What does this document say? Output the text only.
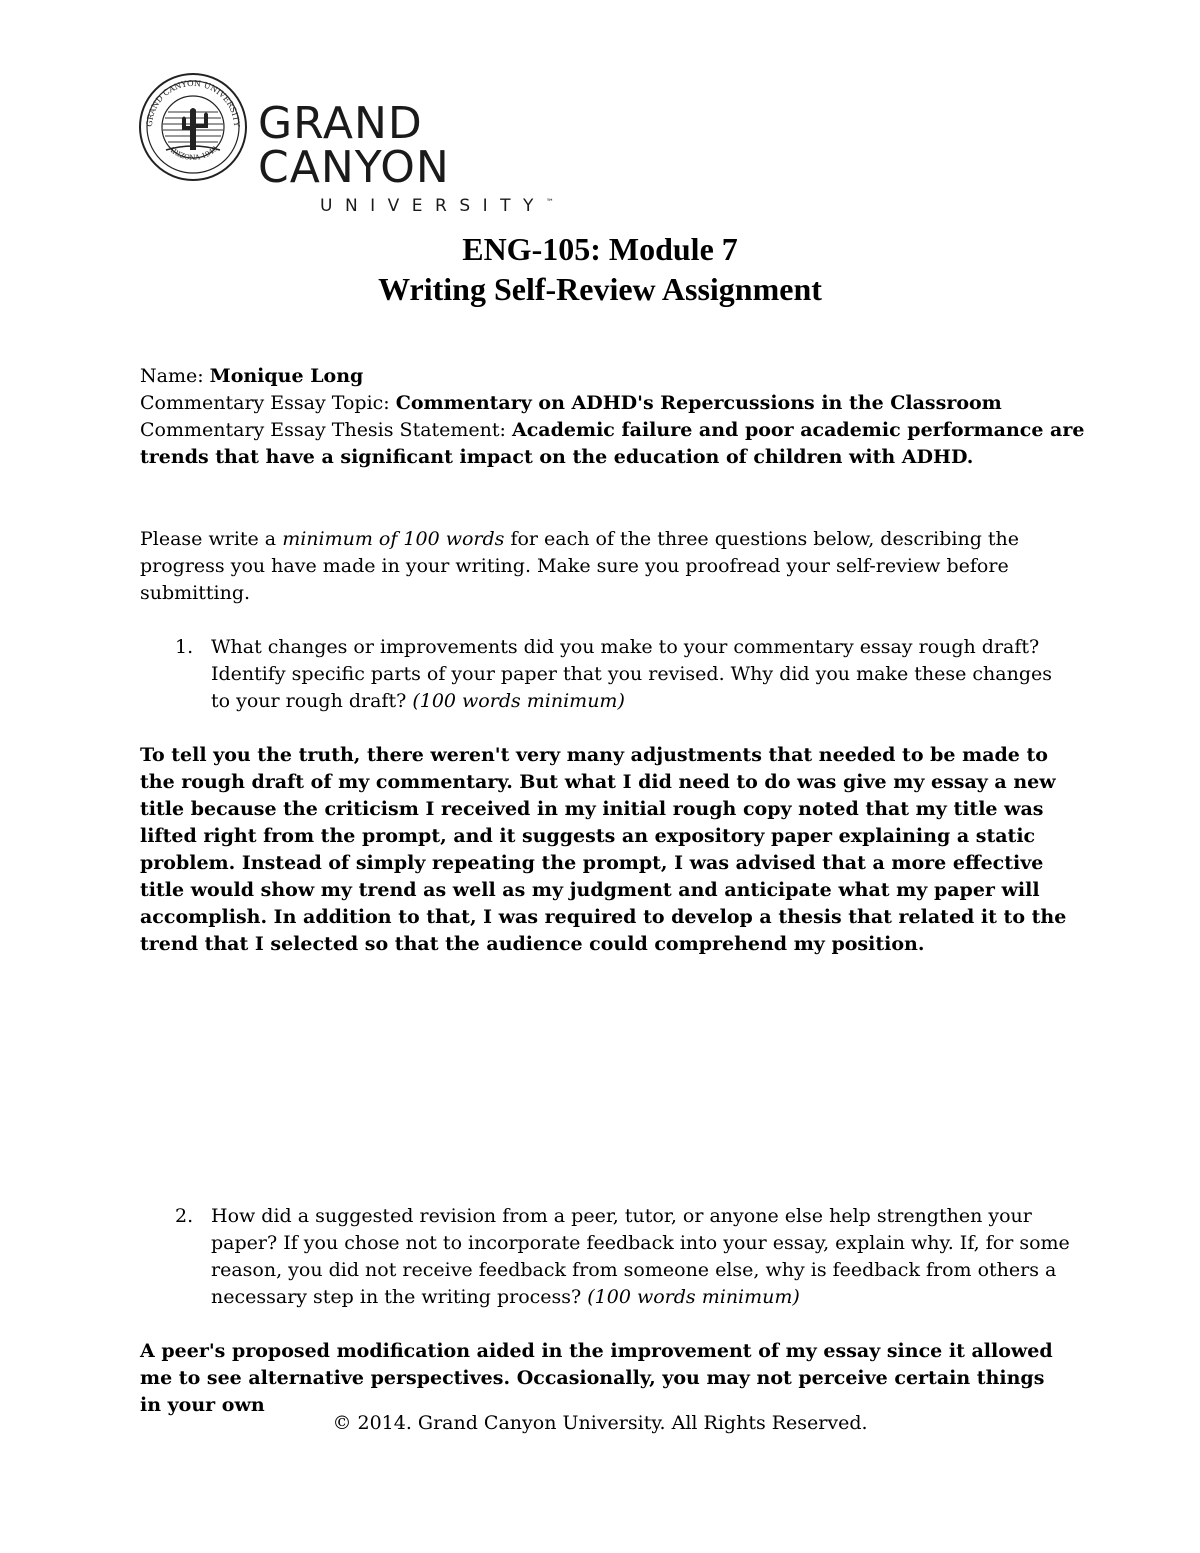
GRAND CANYON UNIVERSITY
ARIZONA 1949
GRAND CANYON
UNIVERSITY™
ENG-105: Module 7
Writing Self-Review Assignment
Name: Monique Long
Commentary Essay Topic: Commentary on ADHD's Repercussions in the Classroom
Commentary Essay Thesis Statement: Academic failure and poor academic performance are
trends that have a significant impact on the education of children with ADHD.
Please write a minimum of 100 words for each of the three questions below, describing the progress you have made in your writing. Make sure you proofread your self-review before submitting.
1. What changes or improvements did you make to your commentary essay rough draft? Identify specific parts of your paper that you revised. Why did you make these changes to your rough draft? (100 words minimum)
To tell you the truth, there weren't very many adjustments that needed to be made to the rough draft of my commentary. But what I did need to do was give my essay a new title because the criticism I received in my initial rough copy noted that my title was lifted right from the prompt, and it suggests an expository paper explaining a static problem. Instead of simply repeating the prompt, I was advised that a more effective title would show my trend as well as my judgment and anticipate what my paper will accomplish. In addition to that, I was required to develop a thesis that related it to the trend that I selected so that the audience could comprehend my position.
2. How did a suggested revision from a peer, tutor, or anyone else help strengthen your paper? If you chose not to incorporate feedback into your essay, explain why. If, for some reason, you did not receive feedback from someone else, why is feedback from others a necessary step in the writing process? (100 words minimum)
A peer's proposed modification aided in the improvement of my essay since it allowed me to see alternative perspectives. Occasionally, you may not perceive certain things in your own
© 2014. Grand Canyon University. All Rights Reserved.
